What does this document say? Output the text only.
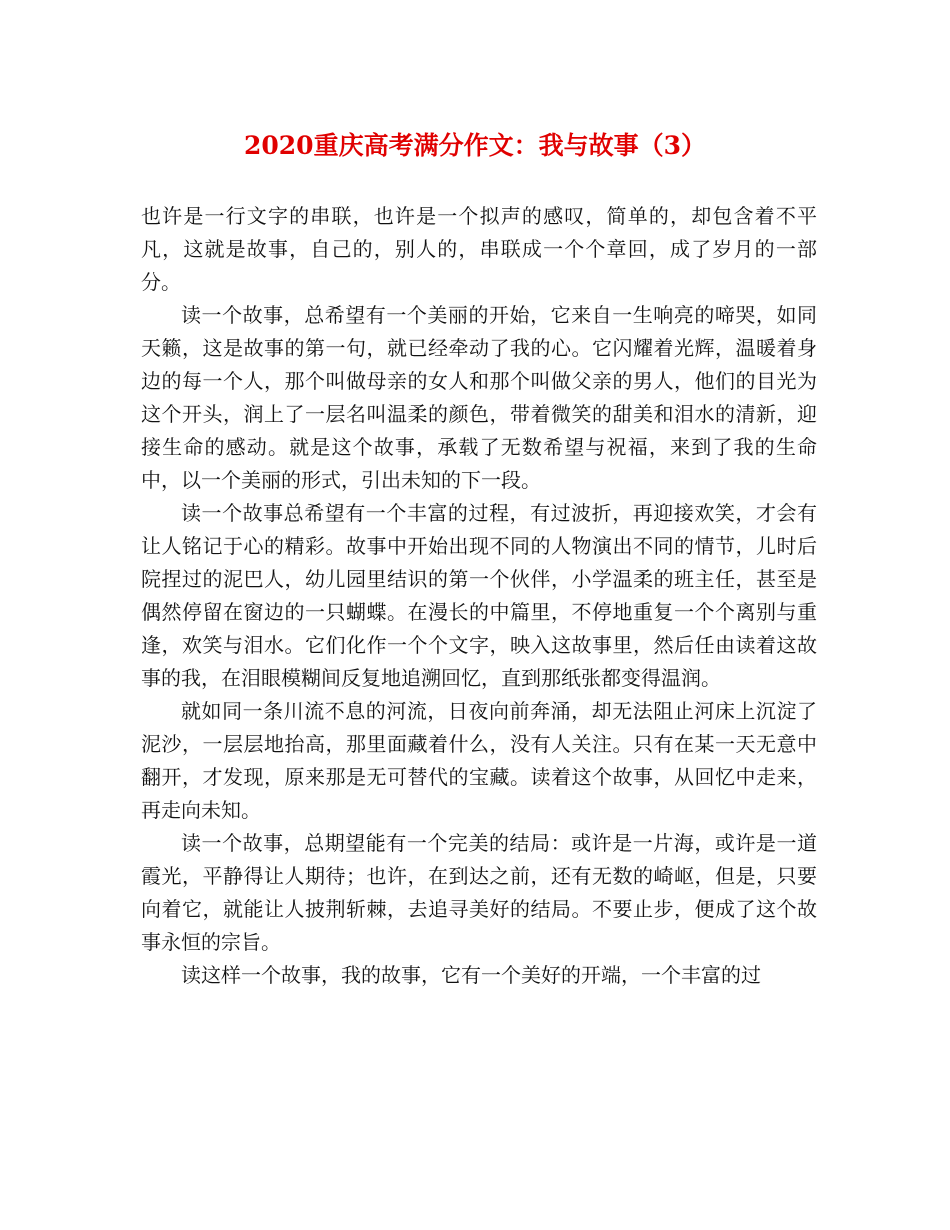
2020重庆高考满分作文：我与故事（3）

也许是一行文字的串联，也许是一个拟声的感叹，简单的，却包含着不平凡，这就是故事，自己的，别人的，串联成一个个章回，成了岁月的一部分。

读一个故事，总希望有一个美丽的开始，它来自一生响亮的啼哭，如同天籁，这是故事的第一句，就已经牵动了我的心。它闪耀着光辉，温暖着身边的每一个人，那个叫做母亲的女人和那个叫做父亲的男人，他们的目光为这个开头，润上了一层名叫温柔的颜色，带着微笑的甜美和泪水的清新，迎接生命的感动。就是这个故事，承载了无数希望与祝福，来到了我的生命中，以一个美丽的形式，引出未知的下一段。

读一个故事总希望有一个丰富的过程，有过波折，再迎接欢笑，才会有让人铭记于心的精彩。故事中开始出现不同的人物演出不同的情节，儿时后院捏过的泥巴人，幼儿园里结识的第一个伙伴，小学温柔的班主任，甚至是偶然停留在窗边的一只蝴蝶。在漫长的中篇里，不停地重复一个个离别与重逢，欢笑与泪水。它们化作一个个文字，映入这故事里，然后任由读着这故事的我，在泪眼模糊间反复地追溯回忆，直到那纸张都变得温润。

就如同一条川流不息的河流，日夜向前奔涌，却无法阻止河床上沉淀了泥沙，一层层地抬高，那里面藏着什么，没有人关注。只有在某一天无意中翻开，才发现，原来那是无可替代的宝藏。读着这个故事，从回忆中走来，再走向未知。

读一个故事，总期望能有一个完美的结局：或许是一片海，或许是一道霞光，平静得让人期待；也许，在到达之前，还有无数的崎岖，但是，只要向着它，就能让人披荆斩棘，去追寻美好的结局。不要止步，便成了这个故事永恒的宗旨。

读这样一个故事，我的故事，它有一个美好的开端，一个丰富的过
